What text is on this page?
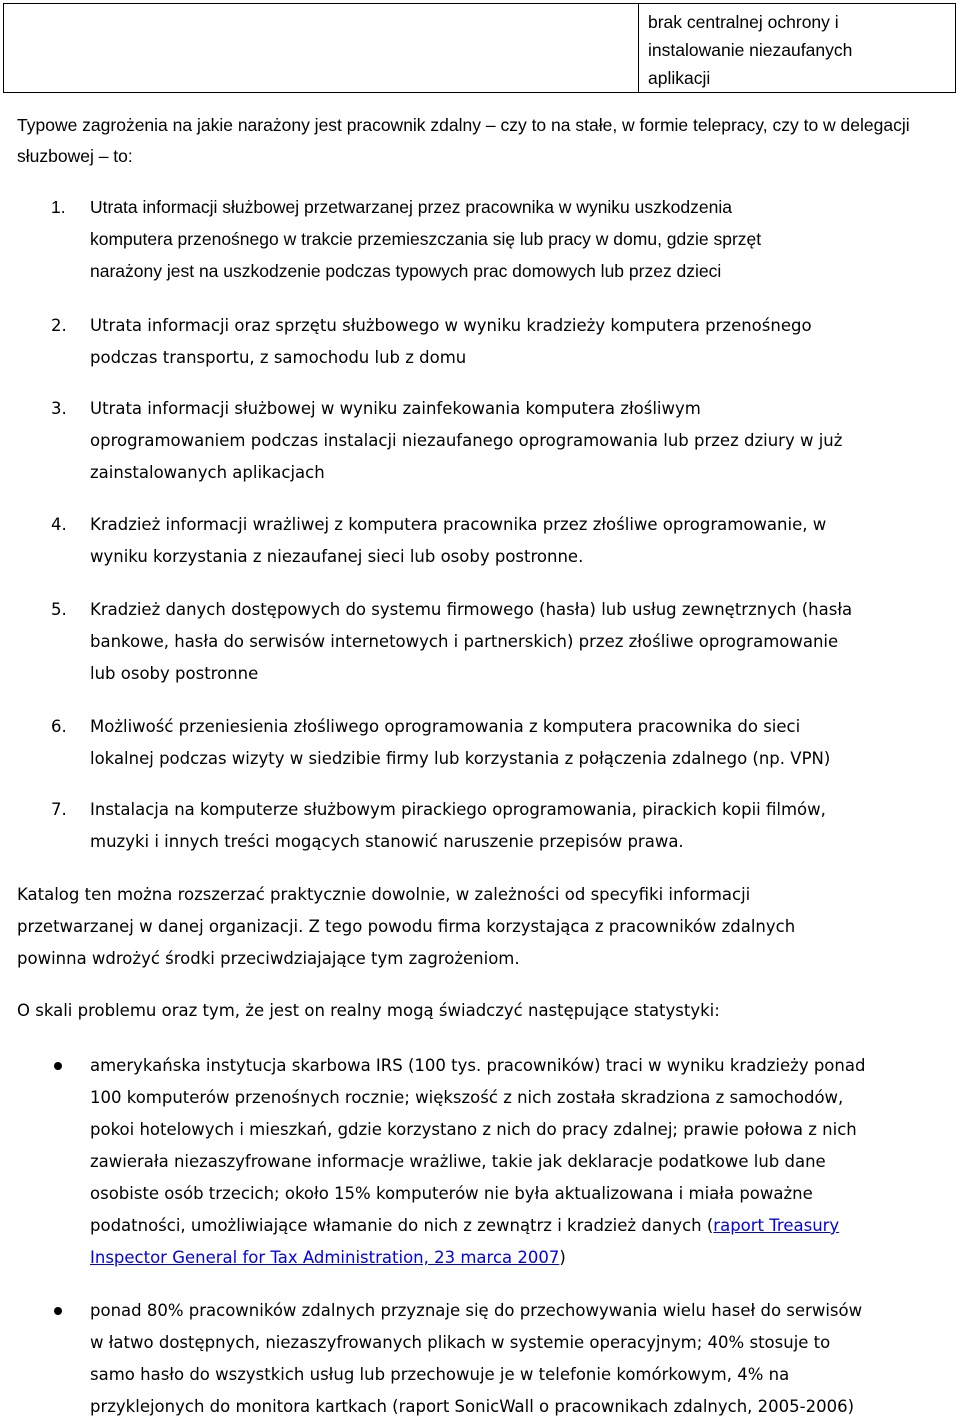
brak centralnej ochrony i
instalowanie niezaufanych
aplikacji

Typowe zagrożenia na jakie narażony jest pracownik zdalny – czy to na stałe, w formie telepracy, czy to w delegacji słuzbowej – to:

1. Utrata informacji służbowej przetwarzanej przez pracownika w wyniku uszkodzenia
komputera przenośnego w trakcie przemieszczania się lub pracy w domu, gdzie sprzęt
narażony jest na uszkodzenie podczas typowych prac domowych lub przez dzieci
2. Utrata informacji oraz sprzętu służbowego w wyniku kradzieży komputera przenośnego
podczas transportu, z samochodu lub z domu
3. Utrata informacji służbowej w wyniku zainfekowania komputera złośliwym
oprogramowaniem podczas instalacji niezaufanego oprogramowania lub przez dziury w już
zainstalowanych aplikacjach
4. Kradzież informacji wrażliwej z komputera pracownika przez złośliwe oprogramowanie, w
wyniku korzystania z niezaufanej sieci lub osoby postronne.
5. Kradzież danych dostępowych do systemu firmowego (hasła) lub usług zewnętrznych (hasła
bankowe, hasła do serwisów internetowych i partnerskich) przez złośliwe oprogramowanie
lub osoby postronne
6. Możliwość przeniesienia złośliwego oprogramowania z komputera pracownika do sieci
lokalnej podczas wizyty w siedzibie firmy lub korzystania z połączenia zdalnego (np. VPN)
7. Instalacja na komputerze służbowym pirackiego oprogramowania, pirackich kopii filmów,
muzyki i innych treści mogących stanowić naruszenie przepisów prawa.

Katalog ten można rozszerzać praktycznie dowolnie, w zależności od specyfiki informacji
przetwarzanej w danej organizacji. Z tego powodu firma korzystająca z pracowników zdalnych
powinna wdrożyć środki przeciwdziajające tym zagrożeniom.

O skali problemu oraz tym, że jest on realny mogą świadczyć następujące statystyki:

amerykańska instytucja skarbowa IRS (100 tys. pracowników) traci w wyniku kradzieży ponad
100 komputerów przenośnych rocznie; większość z nich została skradziona z samochodów,
pokoi hotelowych i mieszkań, gdzie korzystano z nich do pracy zdalnej; prawie połowa z nich
zawierała niezaszyfrowane informacje wrażliwe, takie jak deklaracje podatkowe lub dane
osobiste osób trzecich; około 15% komputerów nie była aktualizowana i miała poważne
podatności, umożliwiające włamanie do nich z zewnątrz i kradzież danych (raport Treasury
Inspector General for Tax Administration, 23 marca 2007)
ponad 80% pracowników zdalnych przyznaje się do przechowywania wielu haseł do serwisów
w łatwo dostępnych, niezaszyfrowanych plikach w systemie operacyjnym; 40% stosuje to
samo hasło do wszystkich usług lub przechowuje je w telefonie komórkowym, 4% na
przyklejonych do monitora kartkach (raport SonicWall o pracownikach zdalnych, 2005-2006)
